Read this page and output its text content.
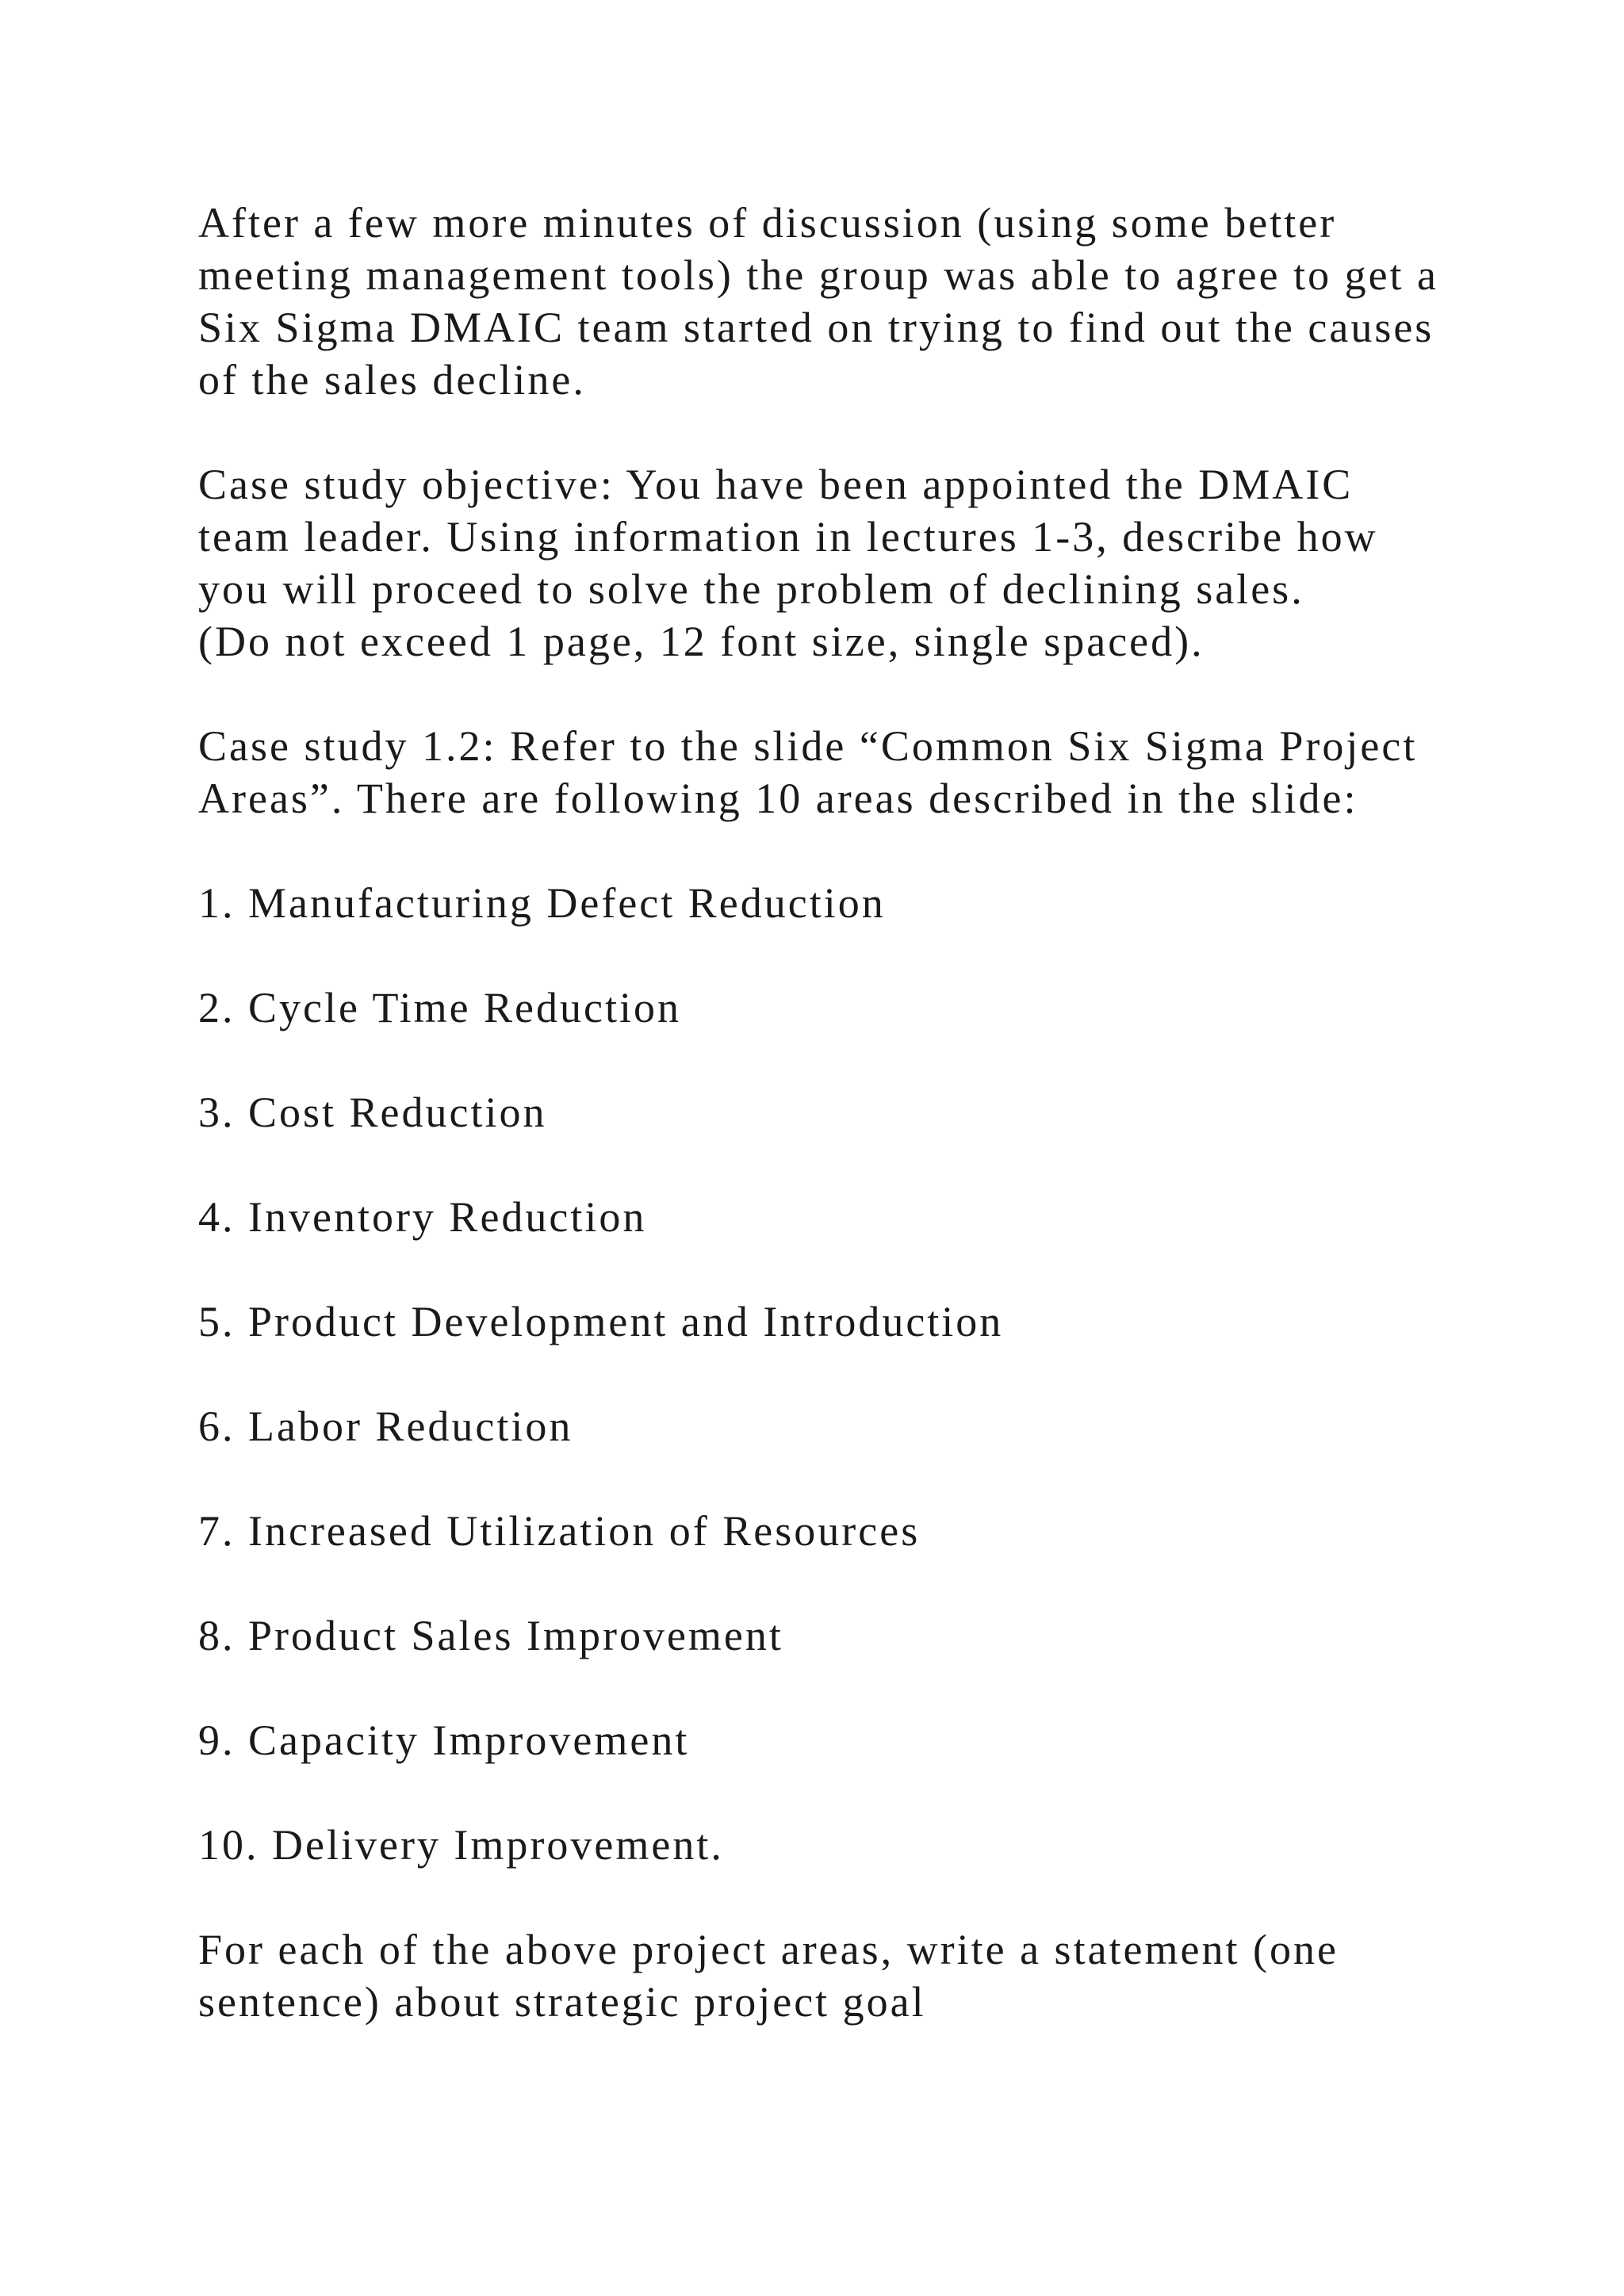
After a few more minutes of discussion (using some better
meeting management tools) the group was able to agree to get a
Six Sigma DMAIC team started on trying to find out the causes
of the sales decline.

Case study objective: You have been appointed the DMAIC
team leader. Using information in lectures 1-3, describe how
you will proceed to solve the problem of declining sales.
(Do not exceed 1 page, 12 font size, single spaced).

Case study 1.2: Refer to the slide “Common Six Sigma Project
Areas”. There are following 10 areas described in the slide:

1. Manufacturing Defect Reduction
2. Cycle Time Reduction
3. Cost Reduction
4. Inventory Reduction
5. Product Development and Introduction
6. Labor Reduction
7. Increased Utilization of Resources
8. Product Sales Improvement
9. Capacity Improvement
10. Delivery Improvement.

For each of the above project areas, write a statement (one
sentence) about strategic project goal
